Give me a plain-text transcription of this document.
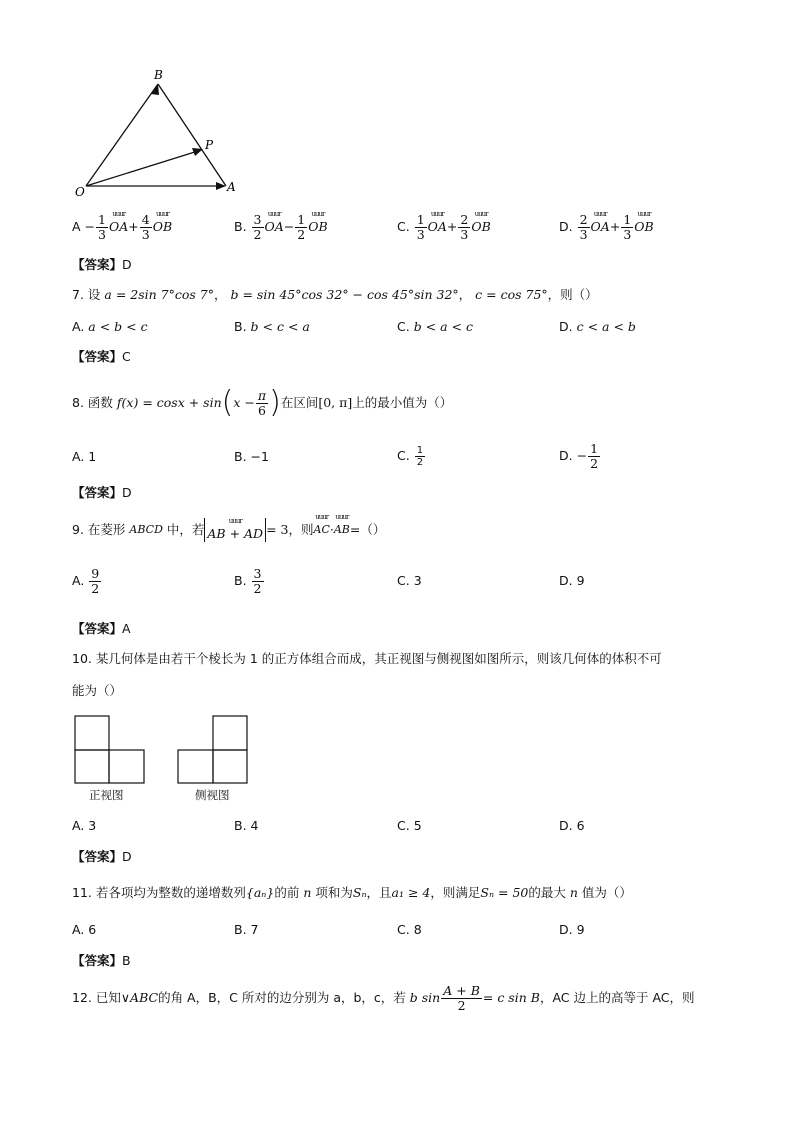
B
P
O	A
$A - \frac{1}{3}$ uuur
$OA+ \frac{4}{3}$ uuur
OB	B. $\frac{3}{2}$ uuur
$OA- \frac{1}{2}$ uuur
OB	C. $\frac{1}{3}$ uuur
$OA+ \frac{2}{3}$ uuur
OB	D. $\frac{2}{3}$ uuur
$OA+ \frac{1}{3}$ uuur
OB
【答案】D
7. 设 a = 2sin 7°cos 7°， b = sin 45°cos 32° − cos 45°sin 32°， c = cos 75°，则（）
A. a < b < c	B. b < c < a	C. b < a < c	D. c < a < b
【答案】C
8.
函数
f(x) = cosx + sin ( $x - \frac{\pi}{6}$ ) 在区间 [0, π] 上的最小值为（）
A. 1	B. −1	C.
$\frac{1}{2}$	D.
− $\frac{1}{2}$
【答案】D
9.
在菱形
ABCD
中，若
uuur
AB + AD = 3 ，则
uuur
AC ·
uuur
AB =（）
A.
$\frac{9}{2}$	B.
$\frac{3}{2}$	C. 3	D. 9
【答案】A
10. 某几何体是由若干个棱长为 1 的正方体组合而成，其正视图与侧视图如图所示，则该几何体的体积不可
能为（）
正视图	侧视图
A. 3	B. 4	C. 5	D. 6
【答案】D
11. 若各项均为整数的递增数列{aₙ}的前 n 项和为Sₙ，且a₁ ≥ 4，则满足Sₙ = 50的最大 n 值为（）
A. 6	B. 7	C. 8	D. 9
【答案】B
12.
已知 ∨ABC 的角 A，B，C 所对的边分别为 a，b，c，若
b $\sin \frac{A + B}{2} = c$ sin B ，AC 边上的高等于 AC，则
